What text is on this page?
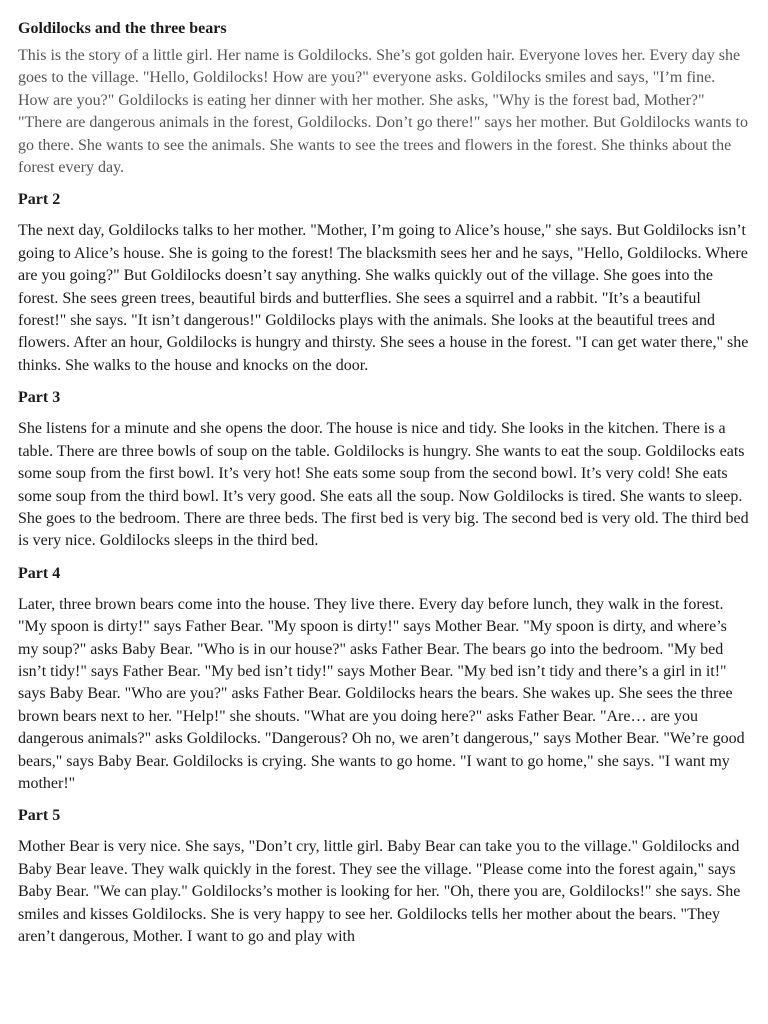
Goldilocks and the three bears

This is the story of a little girl. Her name is Goldilocks. She’s got golden hair. Everyone loves her. Every day she goes to the village. "Hello, Goldilocks! How are you?" everyone asks. Goldilocks smiles and says, "I’m fine. How are you?" Goldilocks is eating her dinner with her mother. She asks, "Why is the forest bad, Mother?" "There are dangerous animals in the forest, Goldilocks. Don’t go there!" says her mother. But Goldilocks wants to go there. She wants to see the animals. She wants to see the trees and flowers in the forest. She thinks about the forest every day.

Part 2

The next day, Goldilocks talks to her mother. "Mother, I’m going to Alice’s house," she says. But Goldilocks isn’t going to Alice’s house. She is going to the forest! The blacksmith sees her and he says, "Hello, Goldilocks. Where are you going?" But Goldilocks doesn’t say anything. She walks quickly out of the village. She goes into the forest. She sees green trees, beautiful birds and butterflies. She sees a squirrel and a rabbit. "It’s a beautiful forest!" she says. "It isn’t dangerous!" Goldilocks plays with the animals. She looks at the beautiful trees and flowers. After an hour, Goldilocks is hungry and thirsty. She sees a house in the forest. "I can get water there," she thinks. She walks to the house and knocks on the door.

Part 3

She listens for a minute and she opens the door. The house is nice and tidy. She looks in the kitchen. There is a table. There are three bowls of soup on the table. Goldilocks is hungry. She wants to eat the soup. Goldilocks eats some soup from the first bowl. It’s very hot! She eats some soup from the second bowl. It’s very cold! She eats some soup from the third bowl. It’s very good. She eats all the soup. Now Goldilocks is tired. She wants to sleep. She goes to the bedroom. There are three beds. The first bed is very big. The second bed is very old. The third bed is very nice. Goldilocks sleeps in the third bed.

Part 4

Later, three brown bears come into the house. They live there. Every day before lunch, they walk in the forest. "My spoon is dirty!" says Father Bear. "My spoon is dirty!" says Mother Bear. "My spoon is dirty, and where’s my soup?" asks Baby Bear. "Who is in our house?" asks Father Bear. The bears go into the bedroom. "My bed isn’t tidy!" says Father Bear. "My bed isn’t tidy!" says Mother Bear. "My bed isn’t tidy and there’s a girl in it!" says Baby Bear. "Who are you?" asks Father Bear. Goldilocks hears the bears. She wakes up. She sees the three brown bears next to her. "Help!" she shouts. "What are you doing here?" asks Father Bear. "Are… are you dangerous animals?" asks Goldilocks. "Dangerous? Oh no, we aren’t dangerous," says Mother Bear. "We’re good bears," says Baby Bear. Goldilocks is crying. She wants to go home. "I want to go home," she says. "I want my mother!"

Part 5

Mother Bear is very nice. She says, "Don’t cry, little girl. Baby Bear can take you to the village." Goldilocks and Baby Bear leave. They walk quickly in the forest. They see the village. "Please come into the forest again," says Baby Bear. "We can play." Goldilocks’s mother is looking for her. "Oh, there you are, Goldilocks!" she says. She smiles and kisses Goldilocks. She is very happy to see her. Goldilocks tells her mother about the bears. "They aren’t dangerous, Mother. I want to go and play with
